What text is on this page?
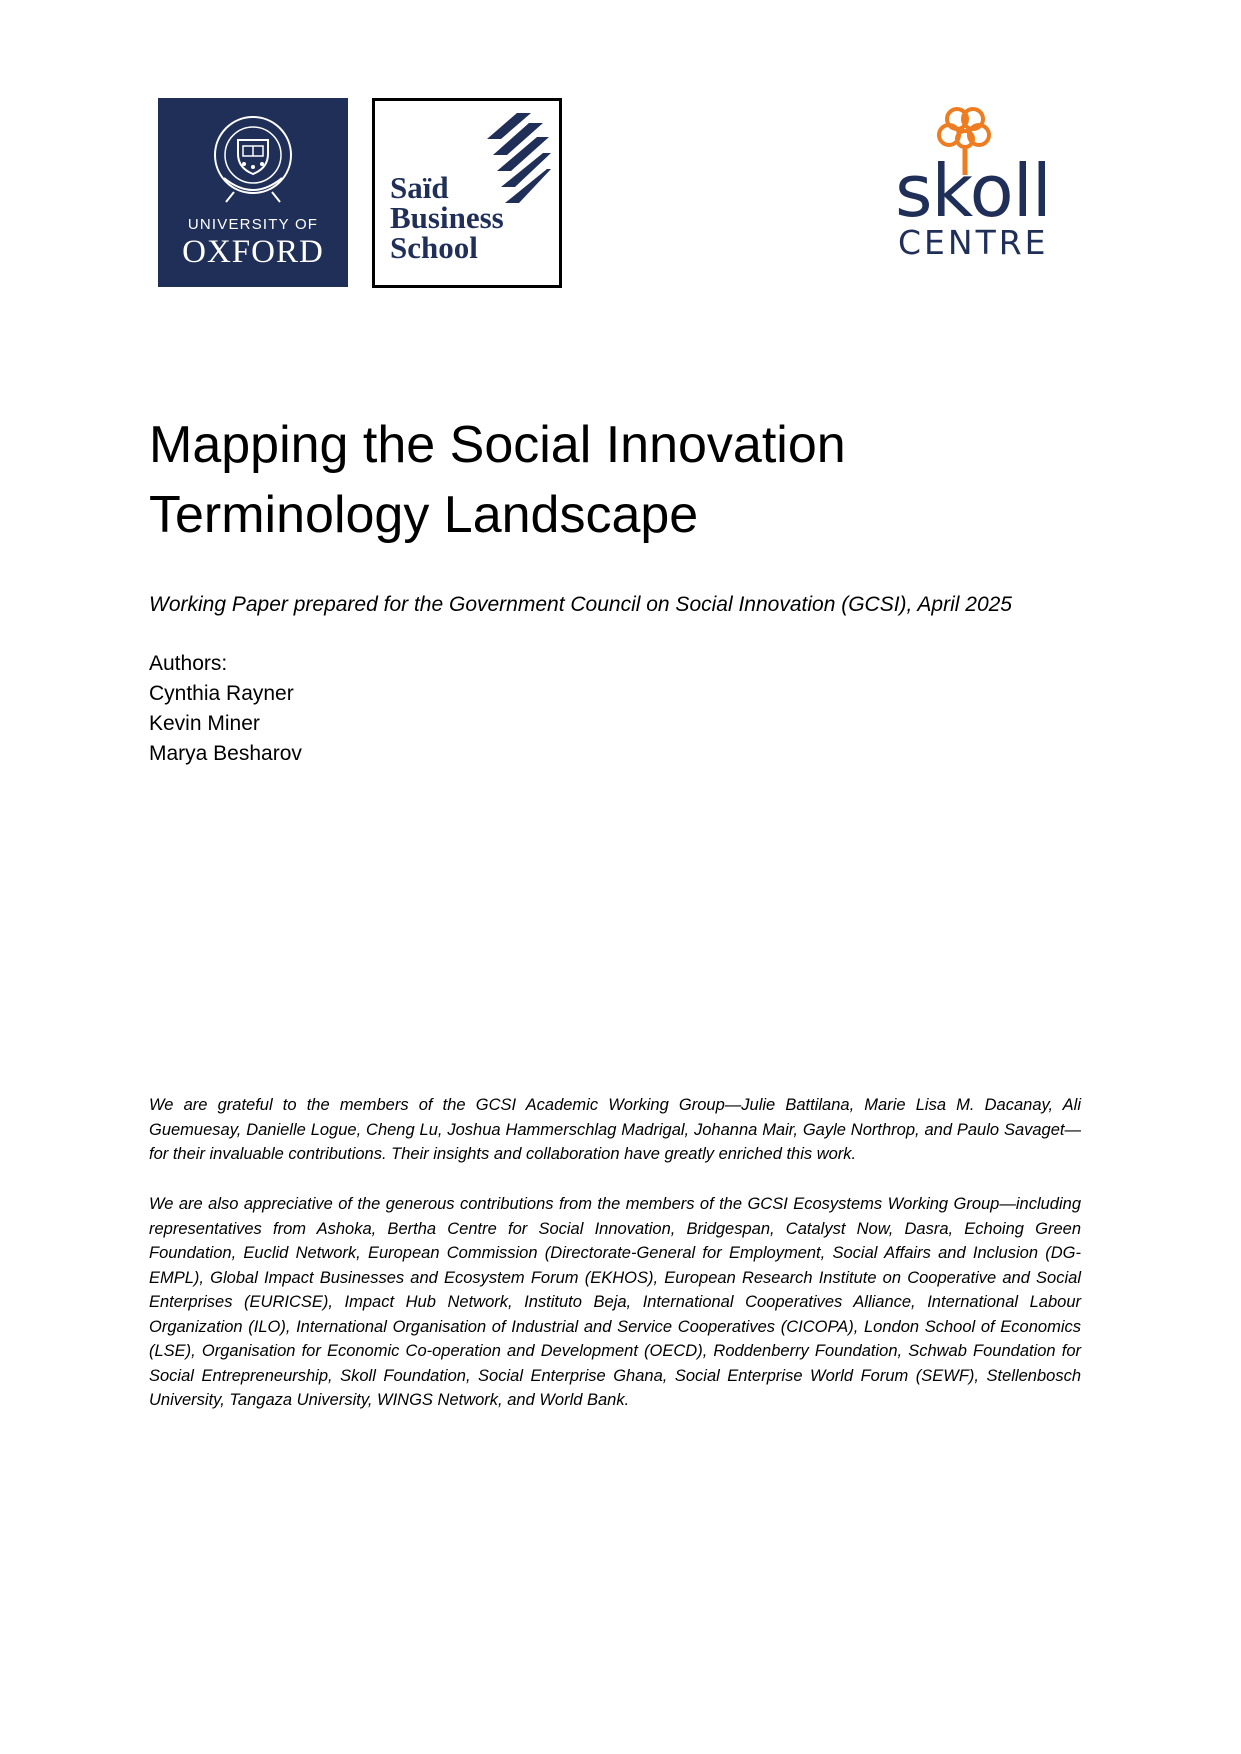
UNIVERSITY OF
OXFORD
Saïd
Business
School
skoll
CENTRE
Mapping the Social Innovation Terminology Landscape
Working Paper prepared for the Government Council on Social Innovation (GCSI), April 2025
Authors:
Cynthia Rayner
Kevin Miner
Marya Besharov

We are grateful to the members of the GCSI Academic Working Group—Julie Battilana, Marie Lisa M. Dacanay, Ali Guemuesay, Danielle Logue, Cheng Lu, Joshua Hammerschlag Madrigal, Johanna Mair, Gayle Northrop, and Paulo Savaget—for their invaluable contributions. Their insights and collaboration have greatly enriched this work.

We are also appreciative of the generous contributions from the members of the GCSI Ecosystems Working Group—including representatives from Ashoka, Bertha Centre for Social Innovation, Bridgespan, Catalyst Now, Dasra, Echoing Green Foundation, Euclid Network, European Commission (Directorate-General for Employment, Social Affairs and Inclusion (DG-EMPL), Global Impact Businesses and Ecosystem Forum (EKHOS), European Research Institute on Cooperative and Social Enterprises (EURICSE), Impact Hub Network, Instituto Beja, International Cooperatives Alliance, International Labour Organization (ILO), International Organisation of Industrial and Service Cooperatives (CICOPA), London School of Economics (LSE), Organisation for Economic Co-operation and Development (OECD), Roddenberry Foundation, Schwab Foundation for Social Entrepreneurship, Skoll Foundation, Social Enterprise Ghana, Social Enterprise World Forum (SEWF), Stellenbosch University, Tangaza University, WINGS Network, and World Bank.
